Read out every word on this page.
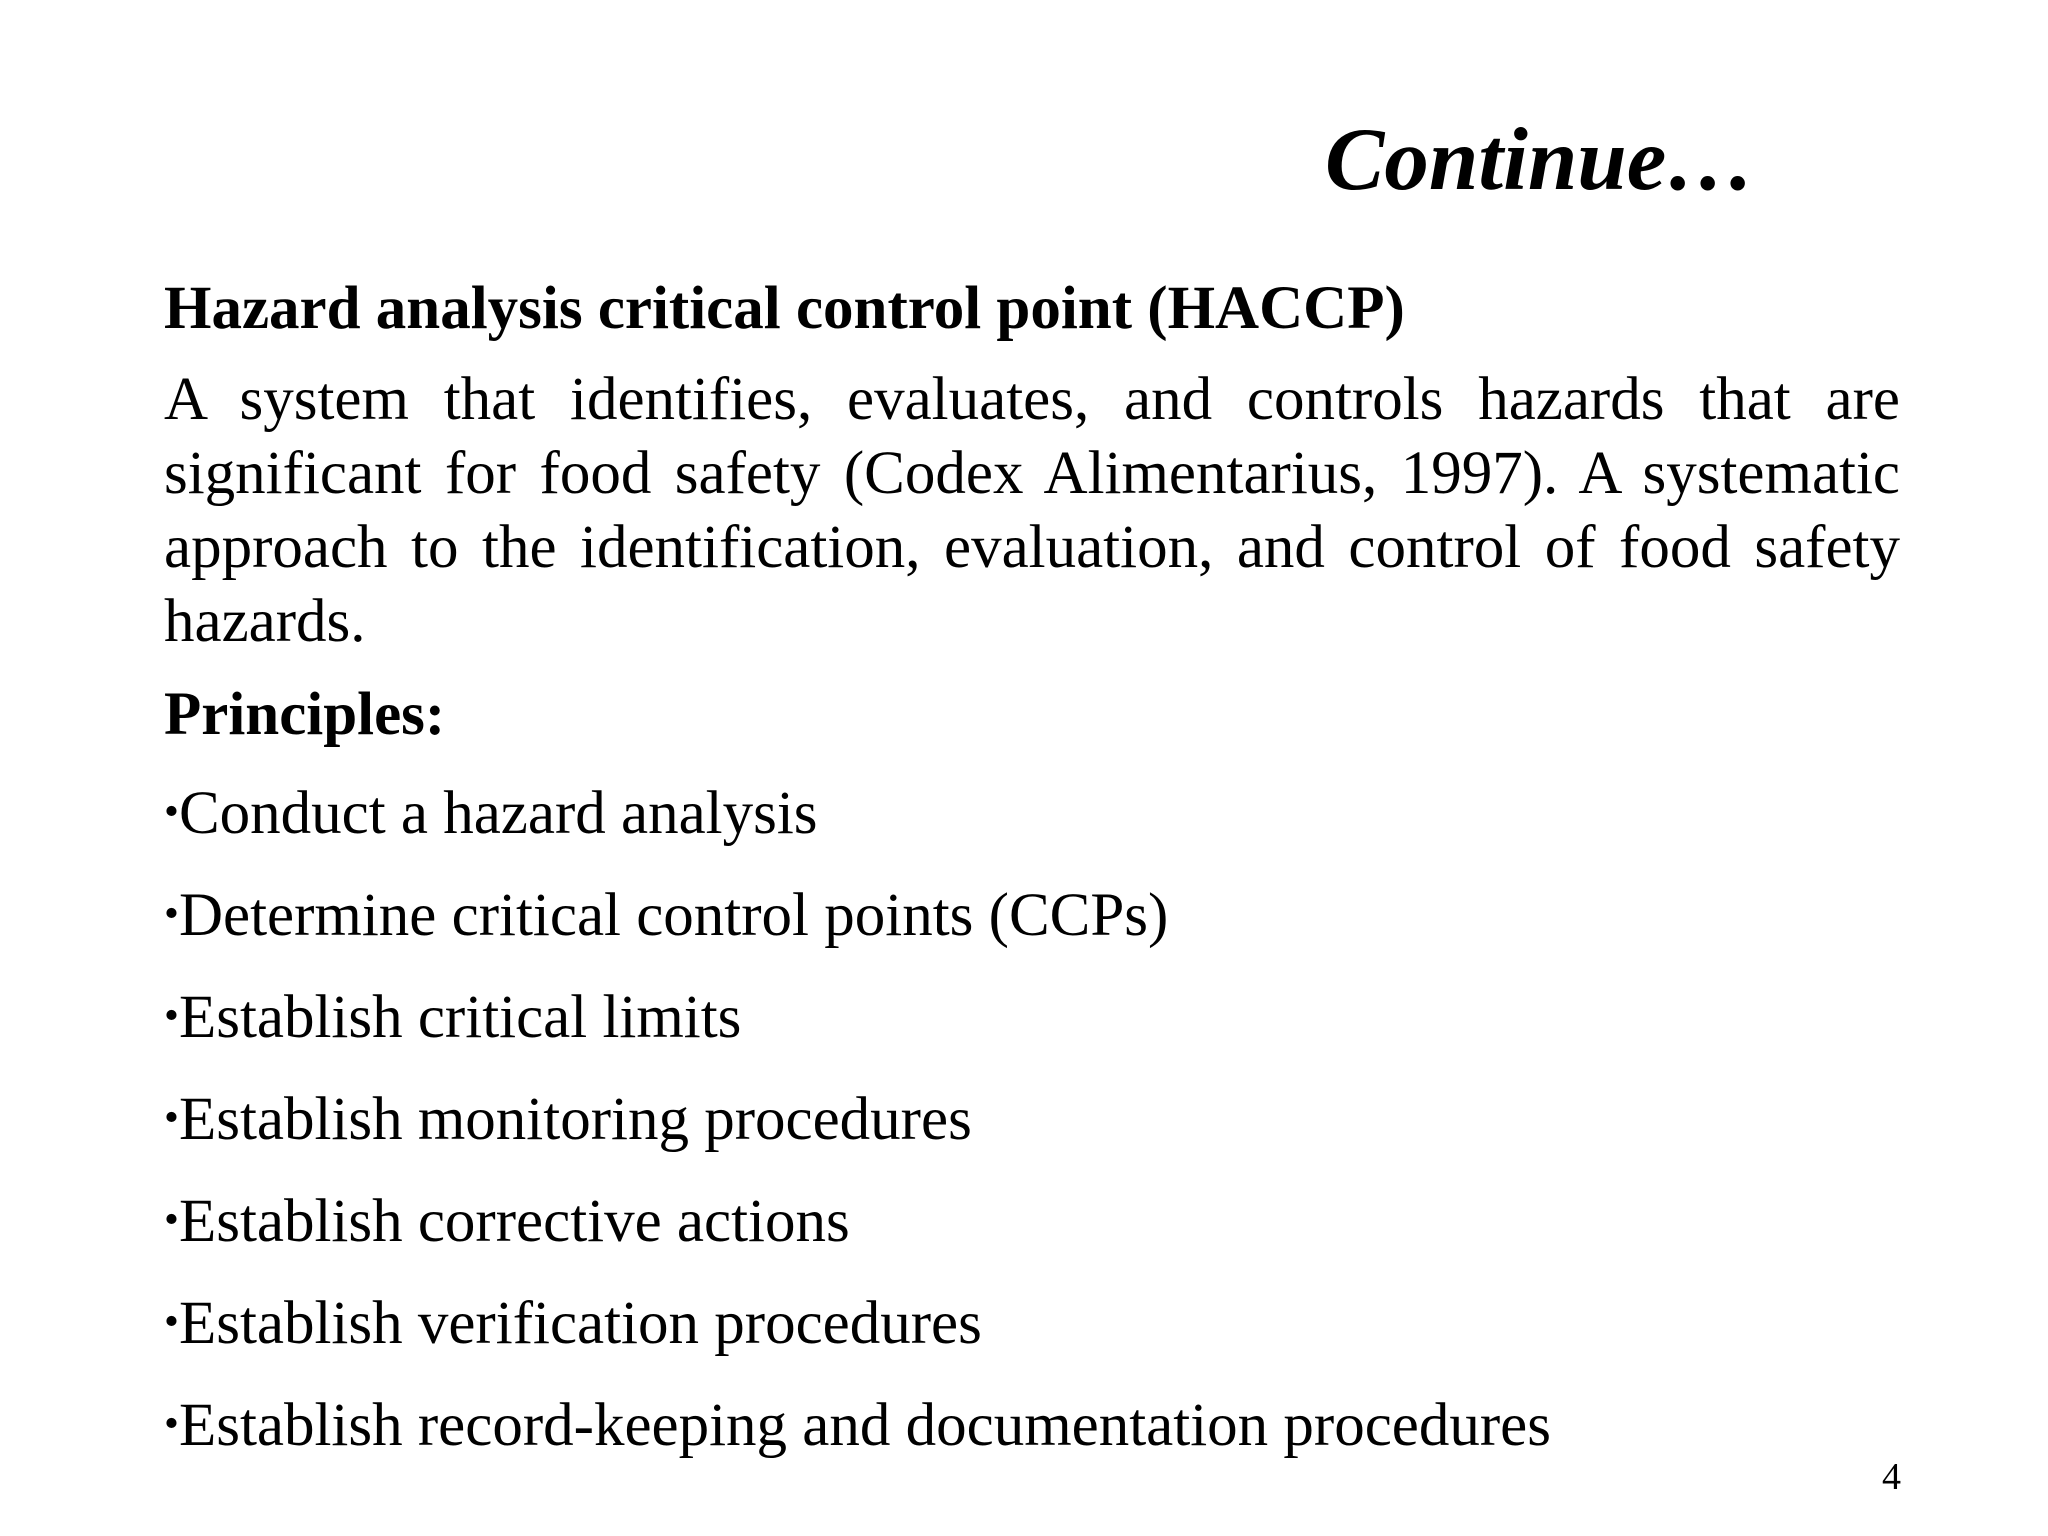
Continue…

Hazard analysis critical control point (HACCP)

A system that identifies, evaluates, and controls hazards that are significant for food safety (Codex Alimentarius, 1997). A systematic approach to the identification, evaluation, and control of food safety hazards.

Principles:

•Conduct a hazard analysis
•Determine critical control points (CCPs)
•Establish critical limits
•Establish monitoring procedures
•Establish corrective actions
•Establish verification procedures
•Establish record-keeping and documentation procedures
4
